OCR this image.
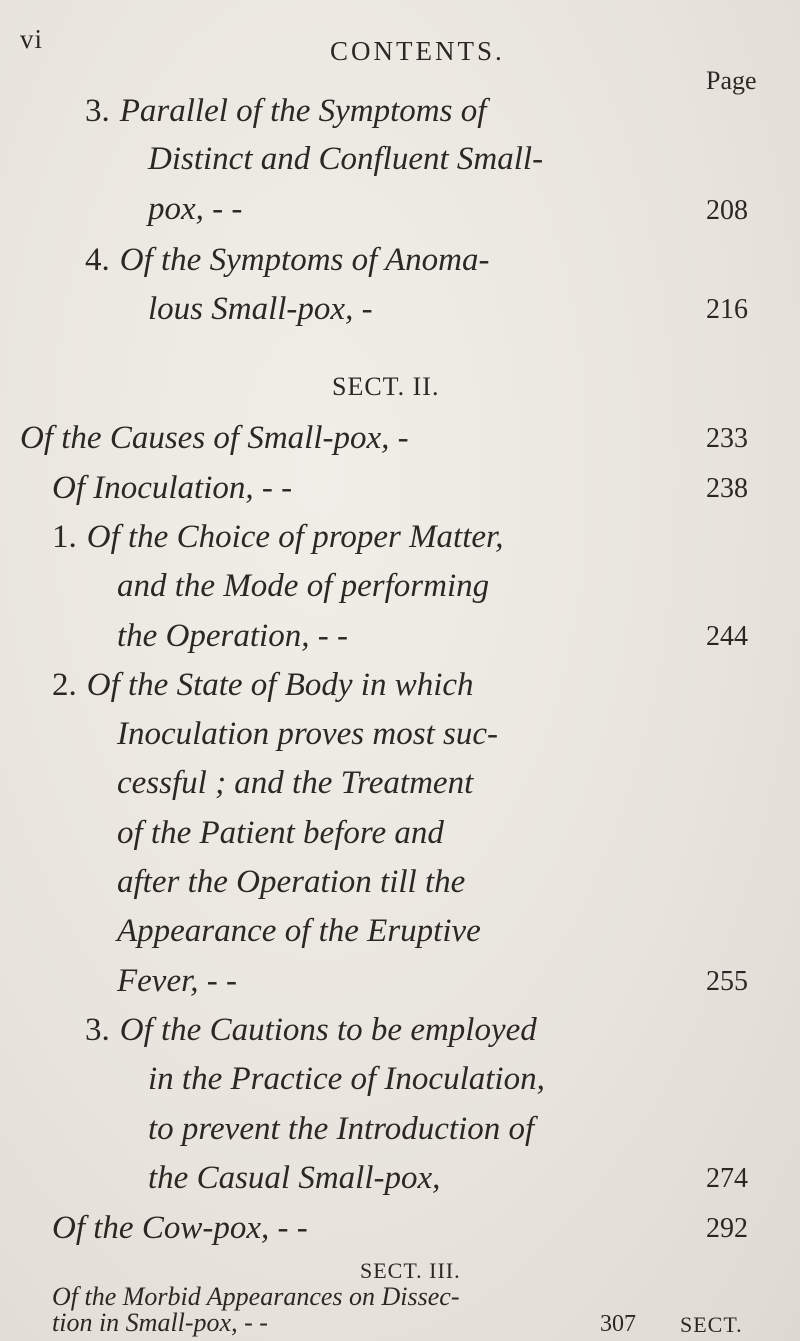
vi	CONTENTS.
Page
3. Parallel of the Symptoms of
Distinct and Confluent Small-
pox, - -	208
4. Of the Symptoms of Anoma-
lous Small-pox, -	216
SECT. II.
Of the Causes of Small-pox, -	233
Of Inoculation, - -	238
1. Of the Choice of proper Matter,
and the Mode of performing
the Operation, - -	244
2. Of the State of Body in which
Inoculation proves most suc-
cessful ; and the Treatment
of the Patient before and
after the Operation till the
Appearance of the Eruptive
Fever, - -	255
3. Of the Cautions to be employed
in the Practice of Inoculation,
to prevent the Introduction of
the Casual Small-pox,	274
Of the Cow-pox, - -	292
SECT. III.
Of the Morbid Appearances on Dissec-
tion in Small-pox, - -	307 SECT.
